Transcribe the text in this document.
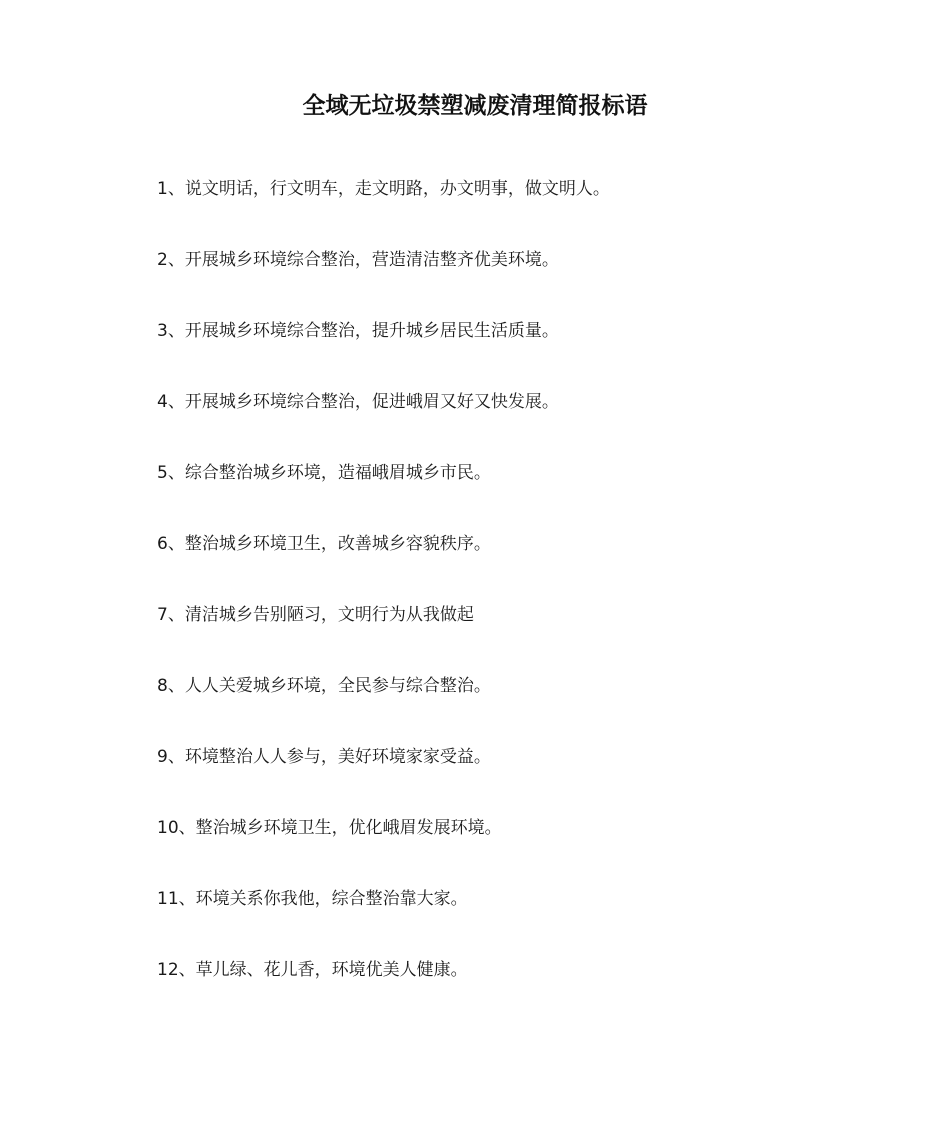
全域无垃圾禁塑减废清理简报标语
1、说文明话，行文明车，走文明路，办文明事，做文明人。
2、开展城乡环境综合整治，营造清洁整齐优美环境。
3、开展城乡环境综合整治，提升城乡居民生活质量。
4、开展城乡环境综合整治，促进峨眉又好又快发展。
5、综合整治城乡环境，造福峨眉城乡市民。
6、整治城乡环境卫生，改善城乡容貌秩序。
7、清洁城乡告别陋习，文明行为从我做起
8、人人关爱城乡环境，全民参与综合整治。
9、环境整治人人参与，美好环境家家受益。
10、整治城乡环境卫生，优化峨眉发展环境。
11、环境关系你我他，综合整治靠大家。
12、草儿绿、花儿香，环境优美人健康。
